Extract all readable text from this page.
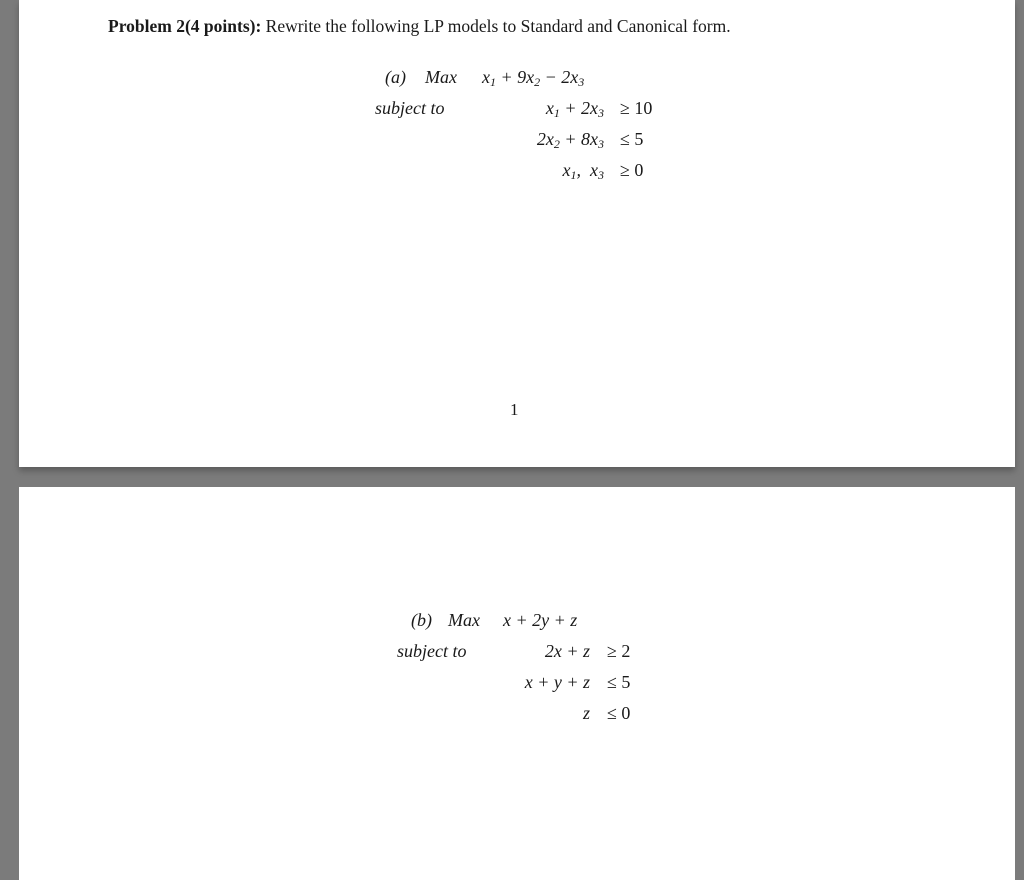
Problem 2(4 points): Rewrite the following LP models to Standard and Canonical form.
(a) Max $x_1 + 9x_2 - 2x_3$
subject to	$x_1 + 2x_3 \ge 10$
$2x_2 + 8x_3 \le 5$
$x_1$,  $x_3 \ge 0$
1
(b) Max x + 2y + z
subject to	2x + z ≥ 2
x + y + z ≤ 5
z ≤ 0
